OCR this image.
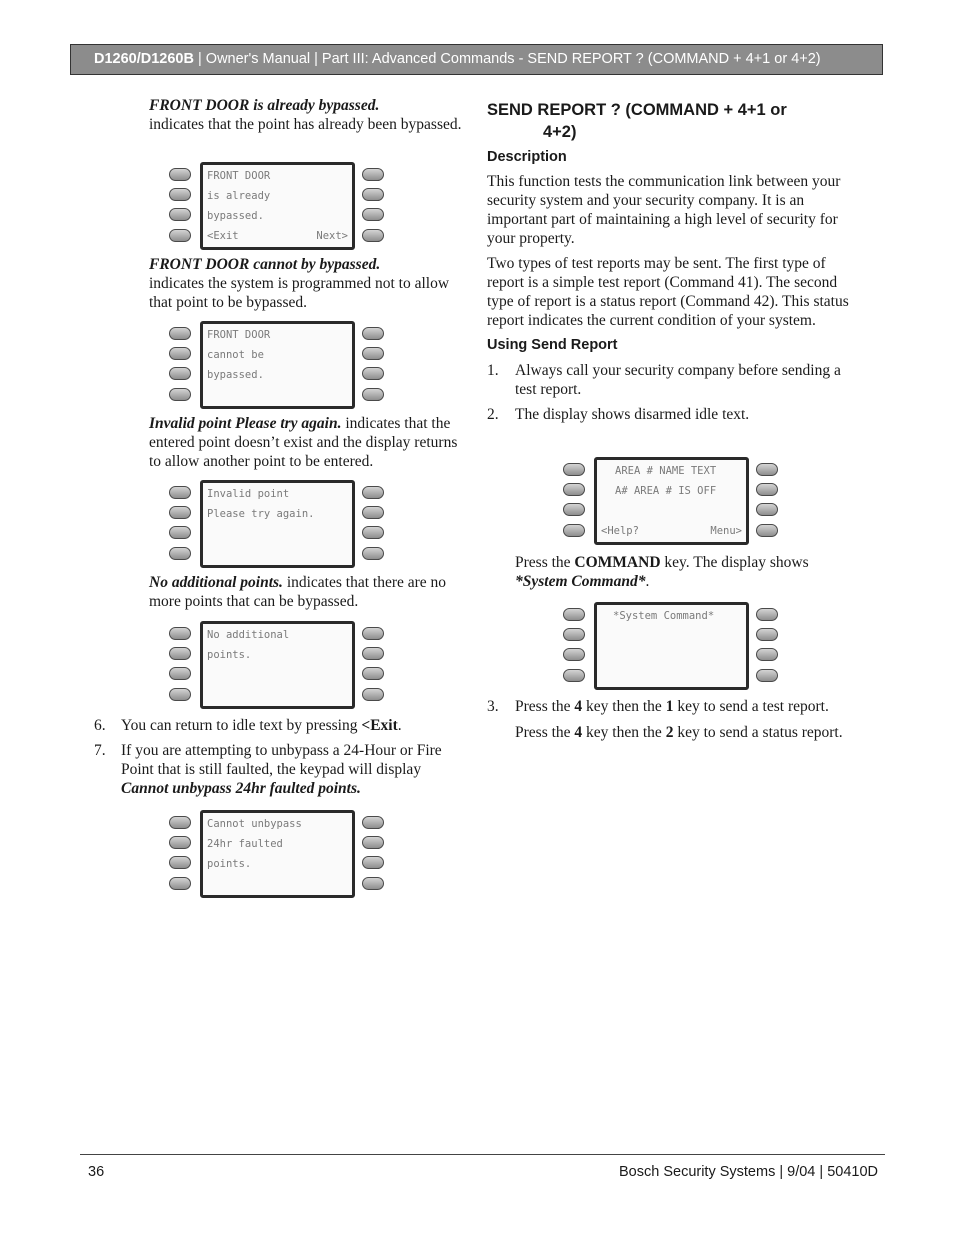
D1260/D1260B | Owner's Manual | Part III: Advanced Commands - SEND REPORT ? (COMMAND + 4+1 or 4+2)

FRONT DOOR is already bypassed.

indicates that the point has already been bypassed.

FRONT DOOR
is already
bypassed.
<Exit	Next>

FRONT DOOR cannot by bypassed.

indicates the system is programmed not to allow that point to be bypassed.

FRONT DOOR
cannot be
bypassed.

Invalid point Please try again. indicates that the entered point doesn’t exist and the display returns to allow another point to be entered.

Invalid point
Please try again.

No additional points. indicates that there are no more points that can be bypassed.

No additional
points.
6. You can return to idle text by pressing <Exit.

7. If you are attempting to unbypass a 24-Hour or Fire Point that is still faulted, the keypad will display Cannot unbypass 24hr faulted points.

Cannot unbypass
24hr faulted
points.
SEND REPORT ? (COMMAND + 4+1 or
4+2)
Description

This function tests the communication link between your security system and your security company. It is an important part of maintaining a high level of security for your property.

Two types of test reports may be sent. The first type of report is a simple test report (Command 41). The second type of report is a status report (Command 42). This status report indicates the current condition of your system.

Using Send Report
1. Always call your security company before sending a test report.

2. The display shows disarmed idle text.

AREA # NAME TEXT
A# AREA # IS OFF
<Help?	Menu>

Press the COMMAND key. The display shows *System Command*.

*System Command*
3. Press the 4 key then the 1 key to send a test report.

Press the 4 key then the 2 key to send a status report.

36	Bosch Security Systems | 9/04 | 50410D
